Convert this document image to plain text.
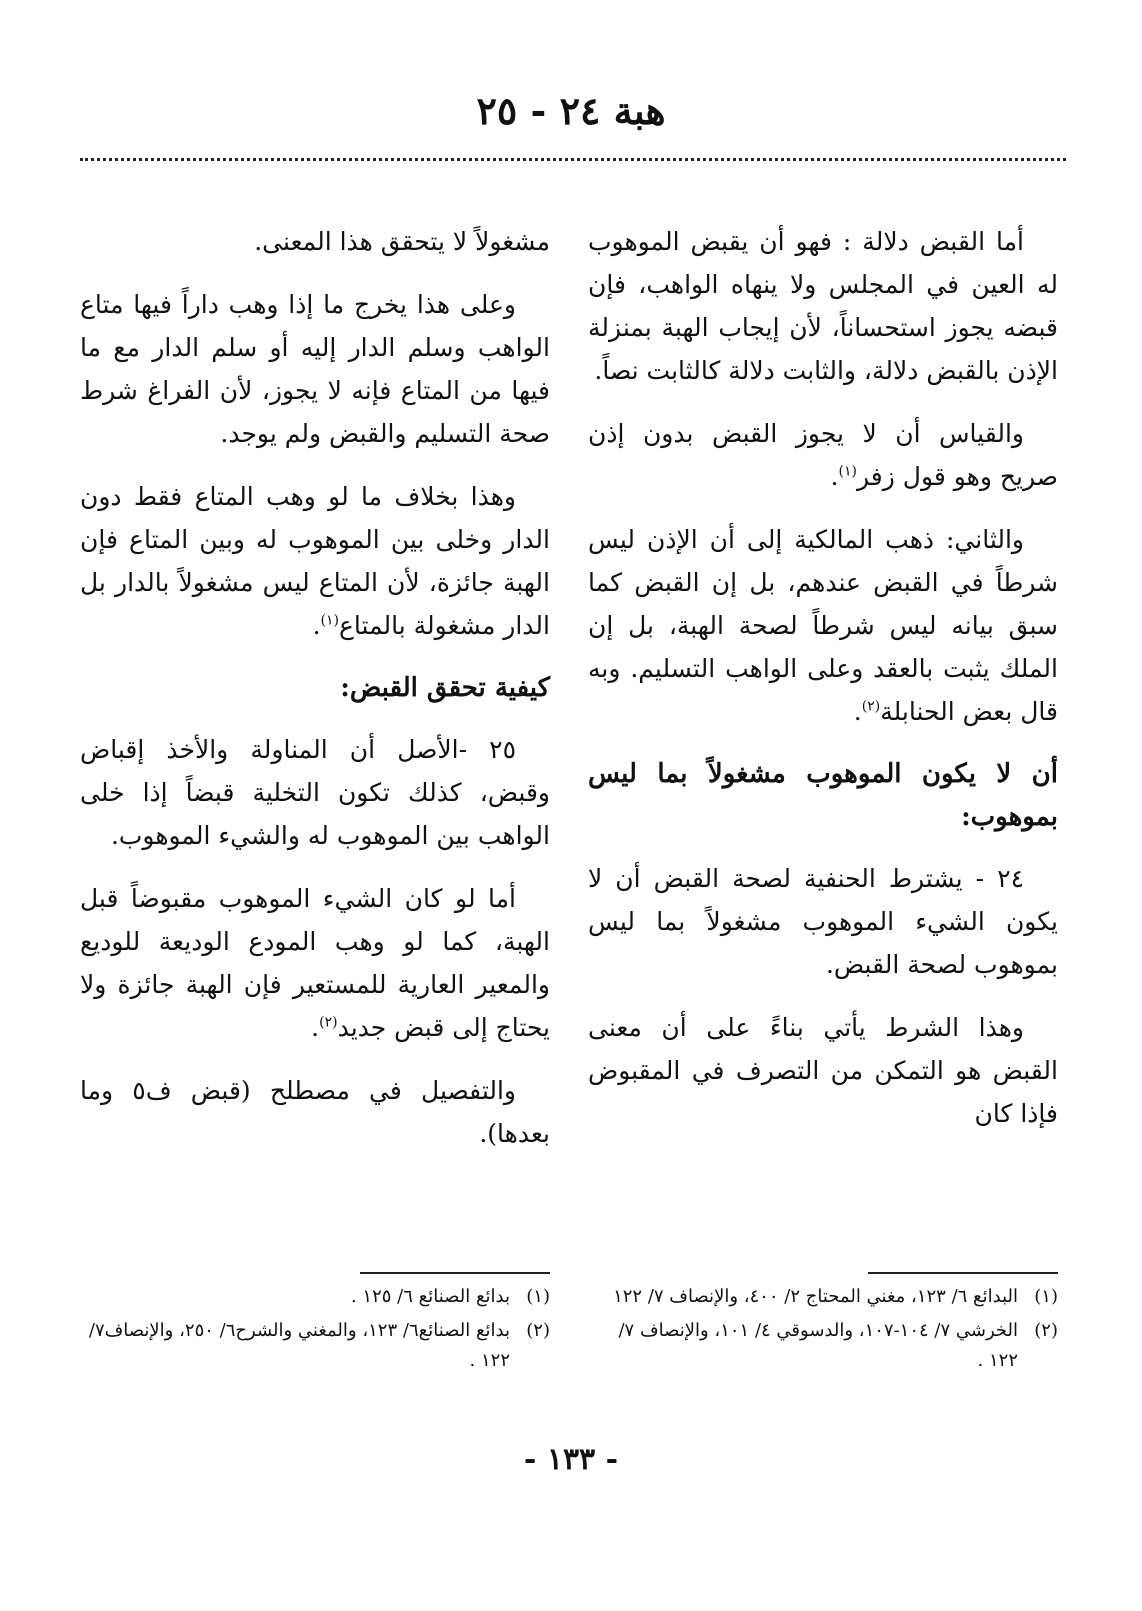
هبة ٢٤ - ٢٥

أما القبض دلالة : فهو أن يقبض الموهوب له العين في المجلس ولا ينهاه الواهب، فإن قبضه يجوز استحساناً، لأن إيجاب الهبة بمنزلة الإذن بالقبض دلالة، والثابت دلالة كالثابت نصاً.

والقياس أن لا يجوز القبض بدون إذن صريح وهو قول زفر$^{(١)}$.

والثاني: ذهب المالكية إلى أن الإذن ليس شرطاً في القبض عندهم، بل إن القبض كما سبق بيانه ليس شرطاً لصحة الهبة، بل إن الملك يثبت بالعقد وعلى الواهب التسليم. وبه قال بعض الحنابلة$^{(٢)}$.

أن لا يكون الموهوب مشغولاً بما ليس بموهوب:

٢٤ - يشترط الحنفية لصحة القبض أن لا يكون الشيء الموهوب مشغولاً بما ليس بموهوب لصحة القبض.

وهذا الشرط يأتي بناءً على أن معنى القبض هو التمكن من التصرف في المقبوض فإذا كان

مشغولاً لا يتحقق هذا المعنى.

وعلى هذا يخرج ما إذا وهب داراً فيها متاع الواهب وسلم الدار إليه أو سلم الدار مع ما فيها من المتاع فإنه لا يجوز، لأن الفراغ شرط صحة التسليم والقبض ولم يوجد.

وهذا بخلاف ما لو وهب المتاع فقط دون الدار وخلى بين الموهوب له وبين المتاع فإن الهبة جائزة، لأن المتاع ليس مشغولاً بالدار بل الدار مشغولة بالمتاع$^{(١)}$.

كيفية تحقق القبض:

٢٥ -الأصل أن المناولة والأخذ إقباض وقبض، كذلك تكون التخلية قبضاً إذا خلى الواهب بين الموهوب له والشيء الموهوب.

أما لو كان الشيء الموهوب مقبوضاً قبل الهبة، كما لو وهب المودع الوديعة للوديع والمعير العارية للمستعير فإن الهبة جائزة ولا يحتاج إلى قبض جديد$^{(٢)}$.

والتفصيل في مصطلح (قبض ف٥ وما بعدها).

(١)البدائع ٦/ ١٢٣، مغني المحتاج ٢/ ٤٠٠، والإنصاف ٧/ ١٢٢
(٢)الخرشي ٧/ ١٠٤-١٠٧، والدسوقي ٤/ ١٠١، والإنصاف ٧/ ١٢٢ .
(١)بدائع الصنائع ٦/ ١٢٥ .
(٢)بدائع الصنائع٦/ ١٢٣، والمغني والشرح٦/ ٢٥٠، والإنصاف٧/ ١٢٢ .
- ١٣٣ -
